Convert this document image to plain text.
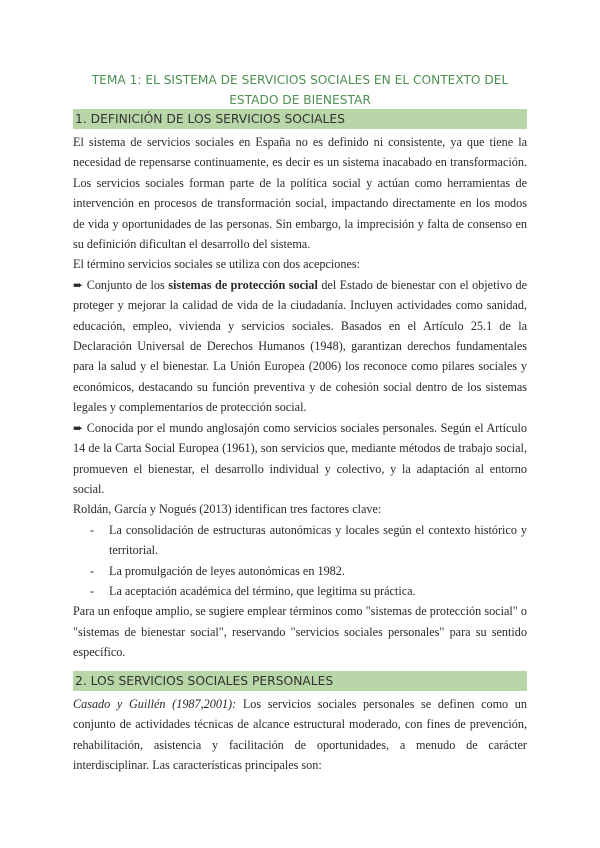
TEMA 1: EL SISTEMA DE SERVICIOS SOCIALES EN EL CONTEXTO DEL
ESTADO DE BIENESTAR
1. DEFINICIÓN DE LOS SERVICIOS SOCIALES

El sistema de servicios sociales en España no es definido ni consistente, ya que tiene la necesidad de repensarse continuamente, es decir es un sistema inacabado en transformación. Los servicios sociales forman parte de la política social y actúan como herramientas de intervención en procesos de transformación social, impactando directamente en los modos de vida y oportunidades de las personas. Sin embargo, la imprecisión y falta de consenso en su definición dificultan el desarrollo del sistema.

El término servicios sociales se utiliza con dos acepciones:

➨ Conjunto de los sistemas de protección social del Estado de bienestar con el objetivo de proteger y mejorar la calidad de vida de la ciudadanía. Incluyen actividades como sanidad, educación, empleo, vivienda y servicios sociales. Basados en el Artículo 25.1 de la Declaración Universal de Derechos Humanos (1948), garantizan derechos fundamentales para la salud y el bienestar. La Unión Europea (2006) los reconoce como pilares sociales y económicos, destacando su función preventiva y de cohesión social dentro de los sistemas legales y complementarios de protección social.

➨ Conocida por el mundo anglosajón como servicios sociales personales. Según el Artículo 14 de la Carta Social Europea (1961), son servicios que, mediante métodos de trabajo social, promueven el bienestar, el desarrollo individual y colectivo, y la adaptación al entorno social.

Roldán, García y Nogués (2013) identifican tres factores clave:

- La consolidación de estructuras autonómicas y locales según el contexto histórico y territorial.
- La promulgación de leyes autonómicas en 1982.
- La aceptación académica del término, que legitima su práctica.

Para un enfoque amplio, se sugiere emplear términos como "sistemas de protección social" o "sistemas de bienestar social", reservando "servicios sociales personales" para su sentido específico.

2. LOS SERVICIOS SOCIALES PERSONALES

Casado y Guillén (1987,2001): Los servicios sociales personales se definen como un conjunto de actividades técnicas de alcance estructural moderado, con fines de prevención, rehabilitación, asistencia y facilitación de oportunidades, a menudo de carácter interdisciplinar. Las características principales son:
